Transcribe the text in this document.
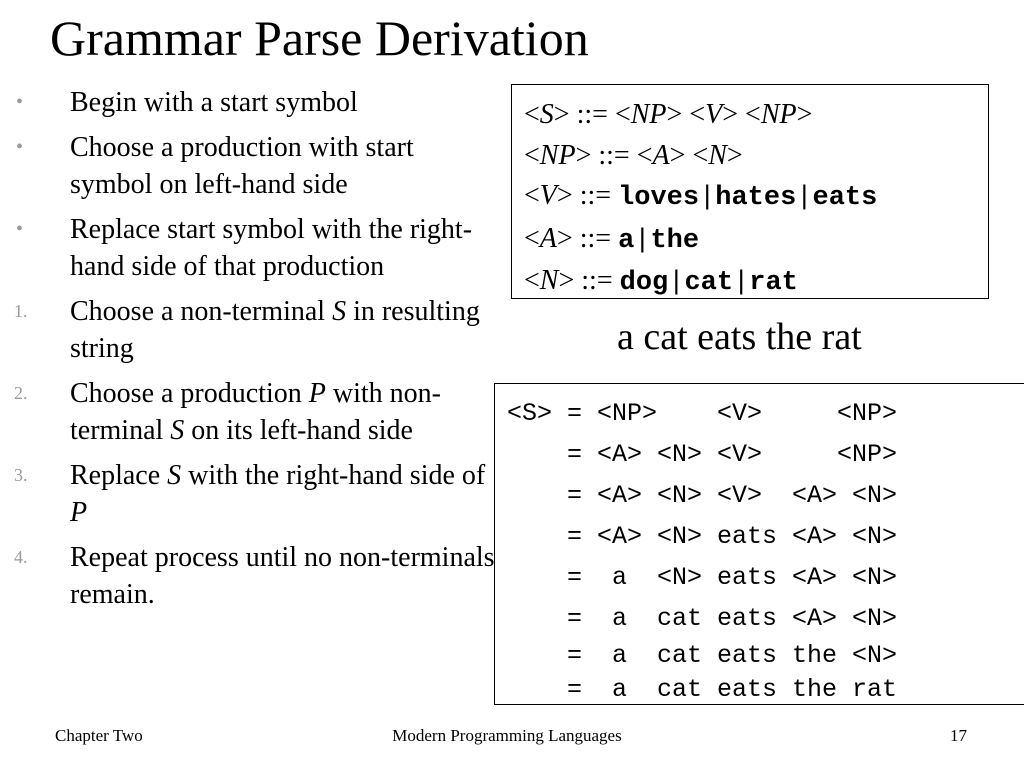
Grammar Parse Derivation
• Begin with a start symbol
• Choose a production with start symbol on left-hand side
• Replace start symbol with the right-hand side of that production
1. Choose a non-terminal S in resulting string
2. Choose a production P with non-terminal S on its left-hand side
3. Replace S with the right-hand side of P
4. Repeat process until no non-terminals remain.
<S> ::= <NP> <V> <NP>
<NP> ::= <A> <N>
<V> ::= loves|hates|eats
<A> ::= a|the
<N> ::= dog|cat|rat
a cat eats the rat
<S> = <NP>    <V>     <NP>
= <A> <N> <V>     <NP>
= <A> <N> <V>  <A> <N>
= <A> <N> eats <A> <N>
=  a  <N> eats <A> <N>
=  a  cat eats <A> <N>
=  a  cat eats the <N>
=  a  cat eats the rat
Chapter Two	Modern Programming Languages	17
